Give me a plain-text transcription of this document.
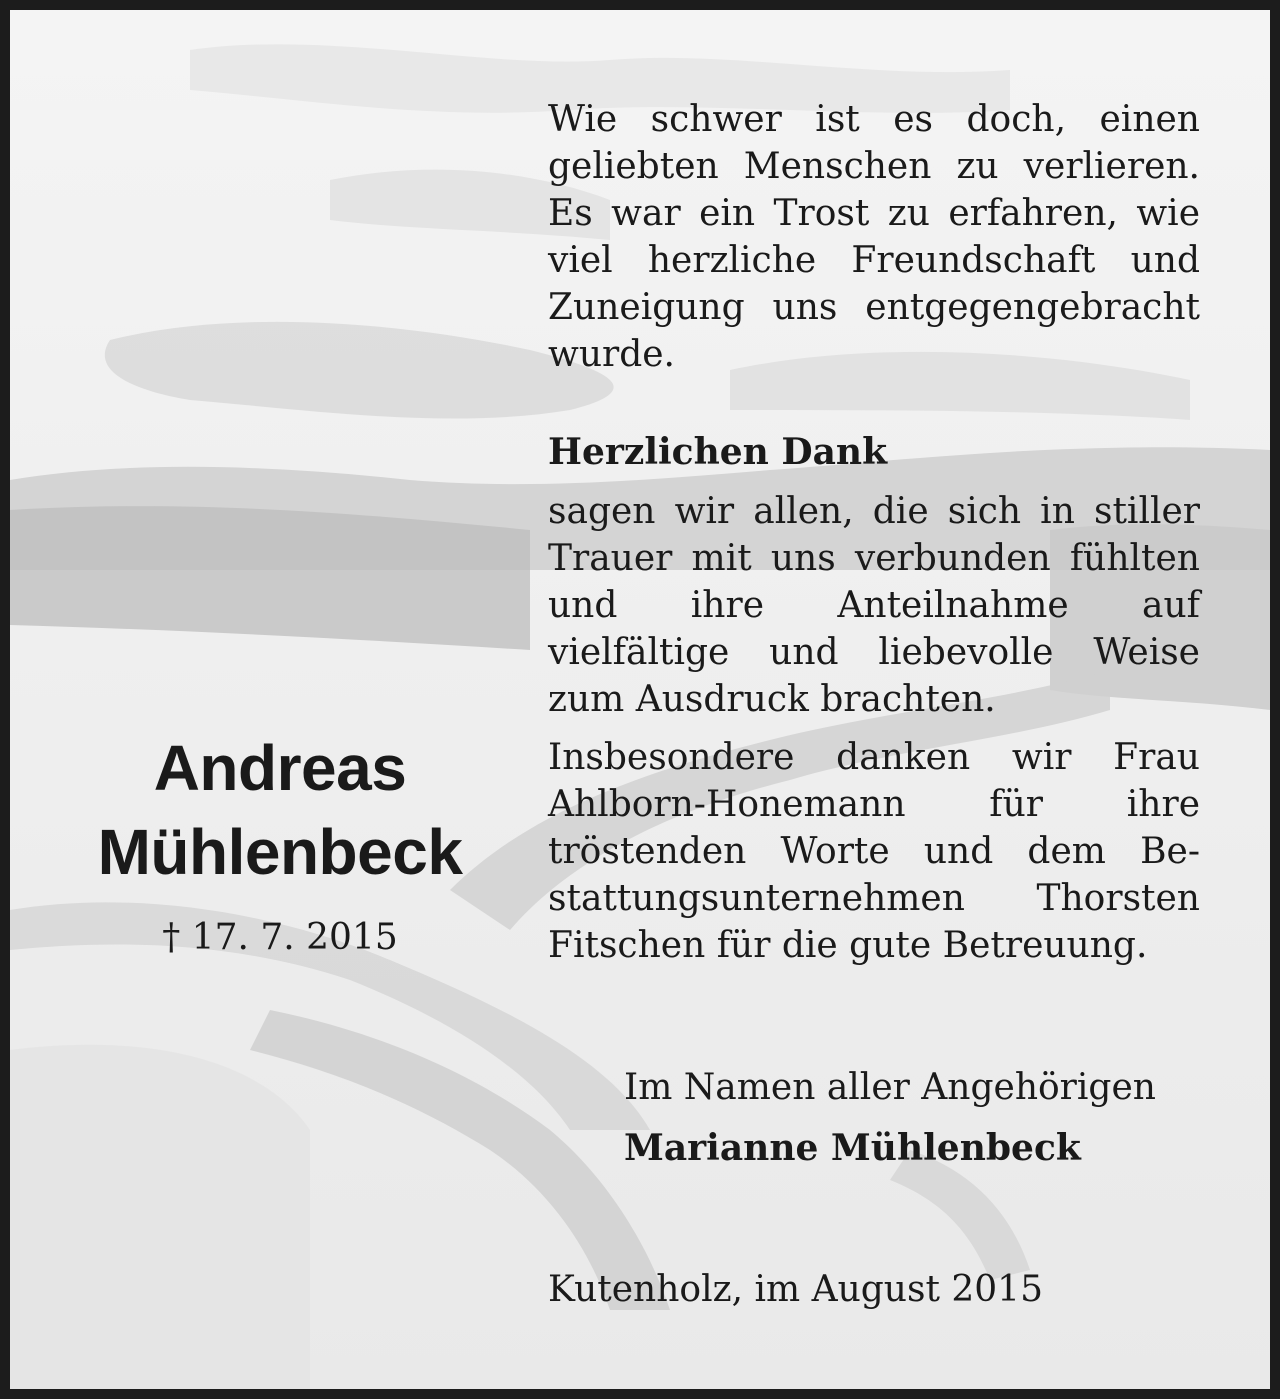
Andreas
Mühlenbeck
† 17. 7. 2015
Wie schwer ist es doch, einen geliebten Menschen zu verlieren. Es war ein Trost zu erfahren, wie viel herzliche Freundschaft und Zuneigung uns entgegengebracht wurde.
Herzlichen Dank
sagen wir allen, die sich in stiller Trauer mit uns verbunden fühlten und ihre Anteilnahme auf vielfältige und liebevolle Weise zum Ausdruck brachten.
Insbesondere danken wir Frau Ahlborn-Honemann für ihre tröstenden Worte und dem Bestattungsunternehmen Thorsten Fitschen für die gute Betreuung.
Im Namen aller Angehörigen
Marianne Mühlenbeck
Kutenholz, im August 2015
